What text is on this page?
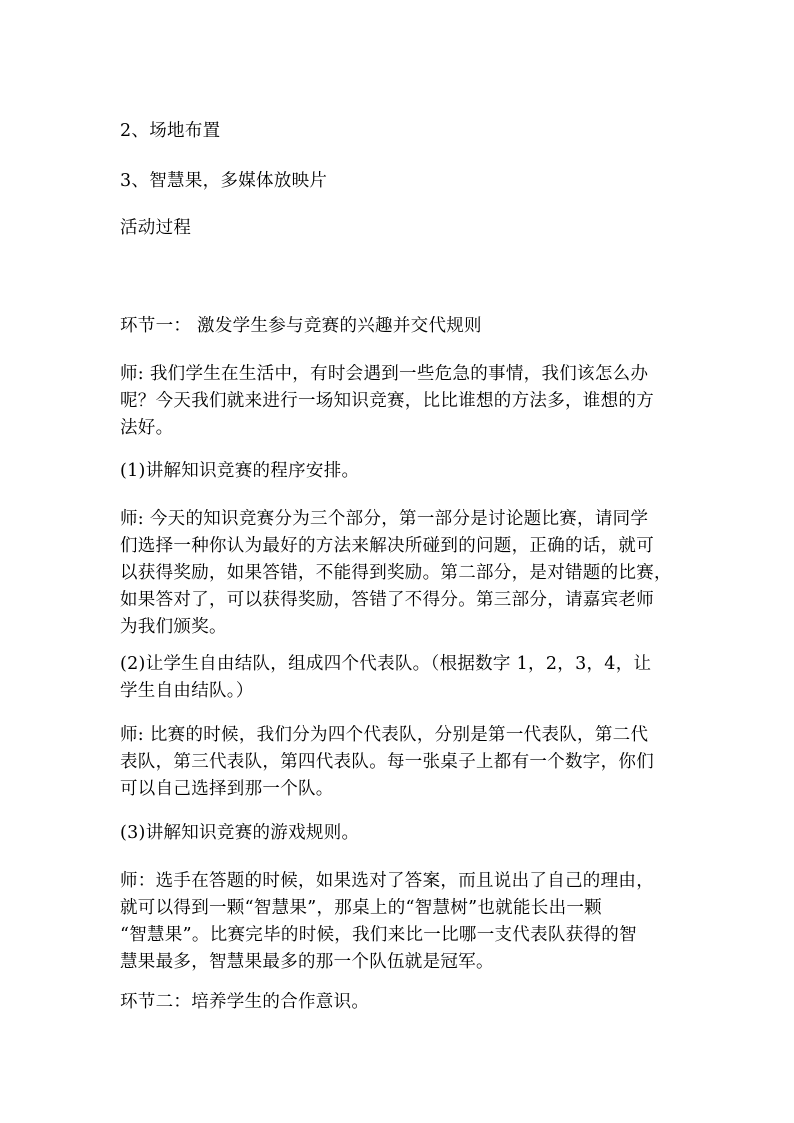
2、场地布置

3、智慧果，多媒体放映片

活动过程

环节一： 激发学生参与竞赛的兴趣并交代规则

师: 我们学生在生活中，有时会遇到一些危急的事情，我们该怎么办
呢？今天我们就来进行一场知识竞赛，比比谁想的方法多，谁想的方
法好。

(1)讲解知识竞赛的程序安排。

师: 今天的知识竞赛分为三个部分，第一部分是讨论题比赛，请同学
们选择一种你认为最好的方法来解决所碰到的问题，正确的话，就可
以获得奖励，如果答错，不能得到奖励。第二部分，是对错题的比赛，
如果答对了，可以获得奖励，答错了不得分。第三部分，请嘉宾老师
为我们颁奖。

(2)让学生自由结队，组成四个代表队。（根据数字 1，2，3，4，让
学生自由结队。）

师: 比赛的时候，我们分为四个代表队，分别是第一代表队，第二代
表队，第三代表队，第四代表队。每一张桌子上都有一个数字，你们
可以自己选择到那一个队。

(3)讲解知识竞赛的游戏规则。

师：选手在答题的时候，如果选对了答案，而且说出了自己的理由，
就可以得到一颗“智慧果”，那桌上的“智慧树”也就能长出一颗
“智慧果”。比赛完毕的时候，我们来比一比哪一支代表队获得的智
慧果最多，智慧果最多的那一个队伍就是冠军。

环节二：培养学生的合作意识。
